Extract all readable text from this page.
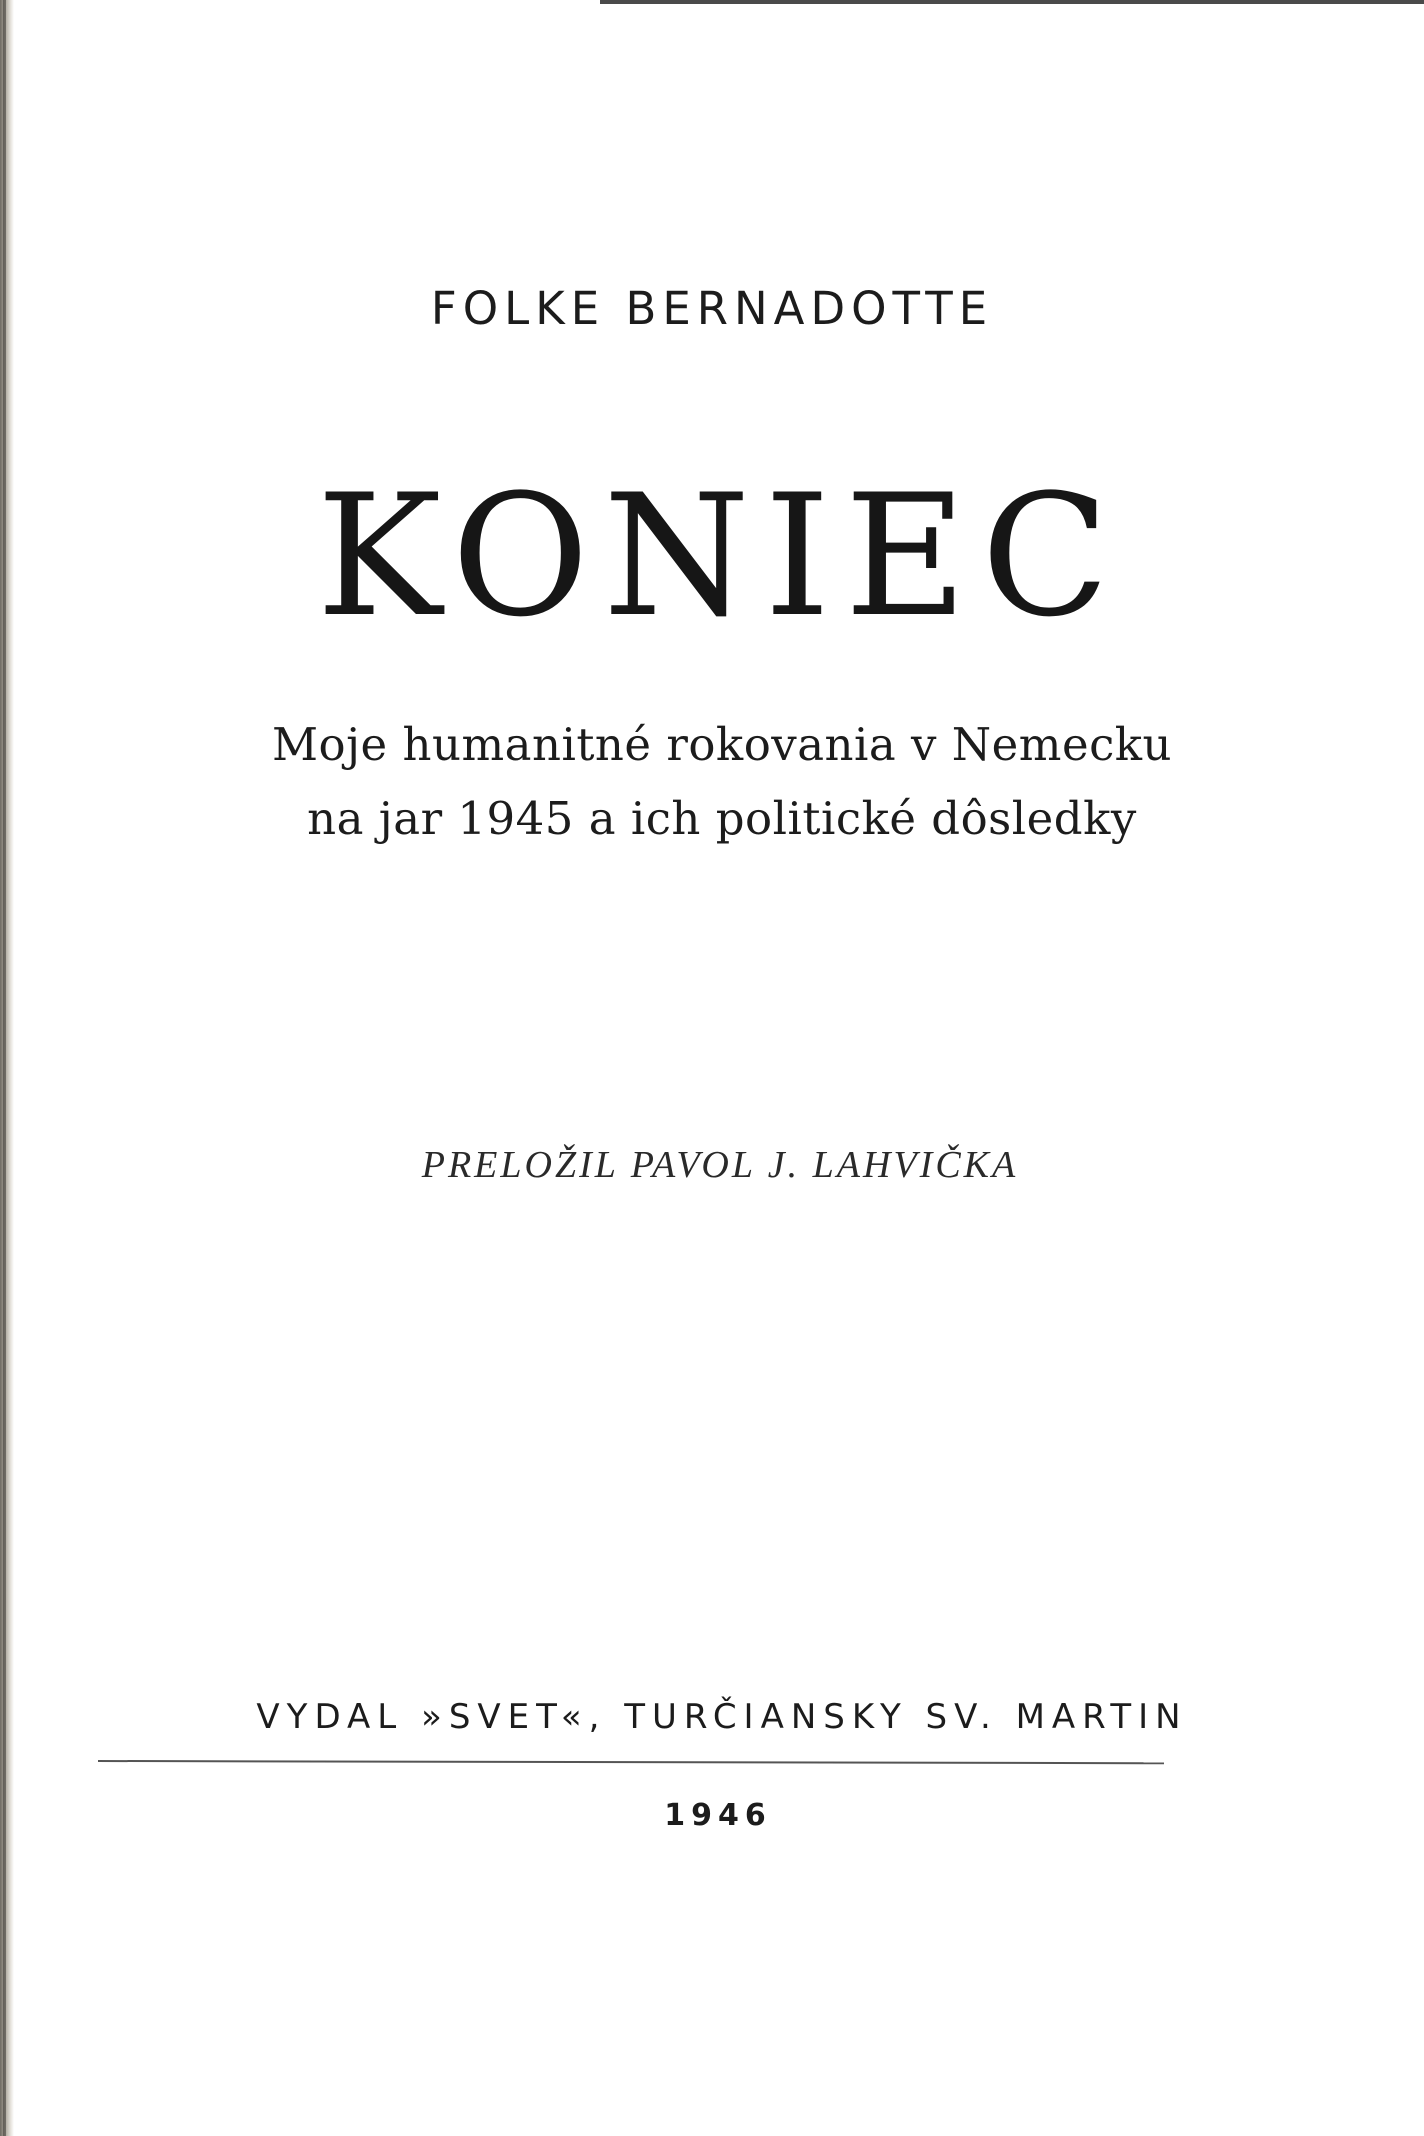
FOLKE BERNADOTTE
KONIEC
Moje humanitné rokovania v Nemecku
na jar 1945 a ich politické dôsledky
PRELOŽIL PAVOL J. LAHVIČKA
VYDAL »SVET«, TURČIANSKY SV. MARTIN
1946
